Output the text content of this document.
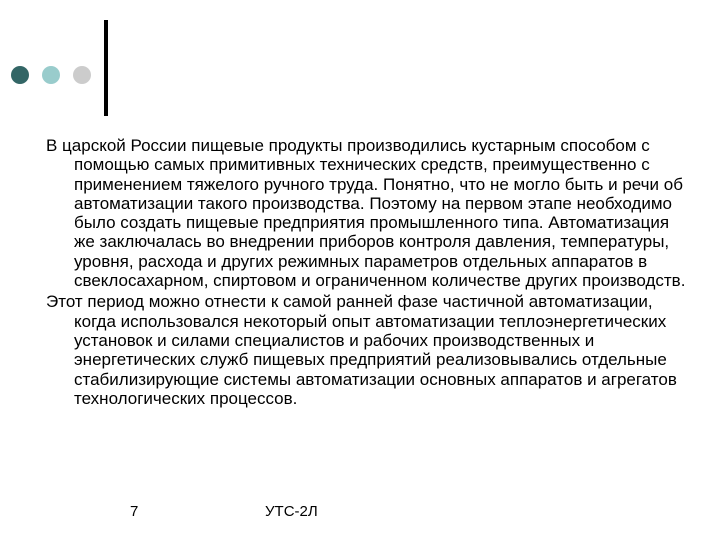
В царской России пищевые продукты производились кустарным способом с помощью самых примитивных технических средств, преимущественно с применением тяжелого ручного труда. Понятно, что не могло быть и речи об автоматизации такого производства. Поэтому на первом этапе необходимо было создать пищевые предприятия промышленного типа. Автоматизация же заключалась во внедрении приборов контроля давления, температуры, уровня, расхода и других режимных параметров отдельных аппаратов в свеклосахарном, спиртовом и ограниченном количестве других производств.

Этот период можно отнести к самой ранней фазе частичной автоматизации, когда использовался некоторый опыт автоматизации теплоэнергетических установок и силами специалистов и рабочих производственных и энергетических служб пищевых предприятий реализовывались отдельные стабилизирующие системы автоматизации основных аппаратов и агрегатов технологических процессов.

7	УТС-2Л
